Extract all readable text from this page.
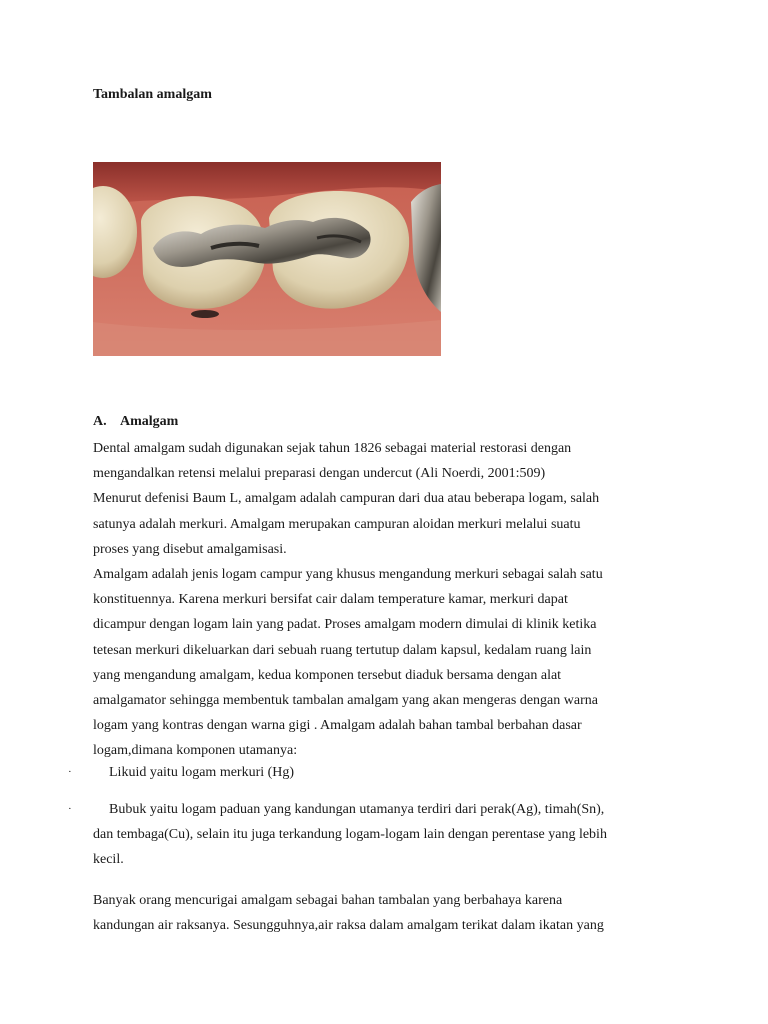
Tambalan amalgam
A. Amalgam

Dental amalgam sudah digunakan sejak tahun 1826 sebagai material restorasi dengan
mengandalkan retensi melalui preparasi dengan undercut (Ali Noerdi, 2001:509)
Menurut defenisi Baum L, amalgam adalah campuran dari dua atau beberapa logam, salah
satunya adalah merkuri. Amalgam merupakan campuran aloidan merkuri melalui suatu
proses yang disebut amalgamisasi.
Amalgam adalah jenis logam campur yang khusus mengandung merkuri sebagai salah satu
konstituennya. Karena merkuri bersifat cair dalam temperature kamar, merkuri dapat
dicampur dengan logam lain yang padat. Proses amalgam modern dimulai di klinik ketika
tetesan merkuri dikeluarkan dari sebuah ruang tertutup dalam kapsul, kedalam ruang lain
yang mengandung amalgam, kedua komponen tersebut diaduk bersama dengan alat
amalgamator sehingga membentuk tambalan amalgam yang akan mengeras dengan warna
logam yang kontras dengan warna gigi . Amalgam adalah bahan tambal berbahan dasar
logam,dimana komponen utamanya:

·	Likuid yaitu logam merkuri (Hg)
·	Bubuk yaitu logam paduan yang kandungan utamanya terdiri dari perak(Ag), timah(Sn),
dan tembaga(Cu), selain itu juga terkandung logam-logam lain dengan perentase yang lebih
kecil.

Banyak orang mencurigai amalgam sebagai bahan tambalan yang berbahaya karena
kandungan air raksanya. Sesungguhnya,air raksa dalam amalgam terikat dalam ikatan yang
